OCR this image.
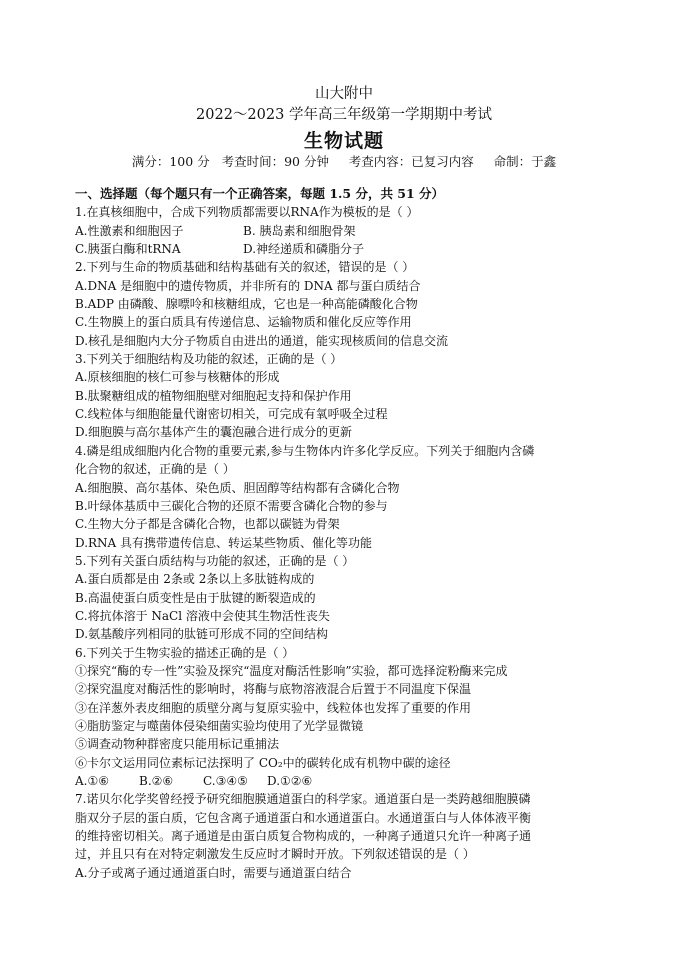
山大附中
2022～2023 学年高三年级第一学期期中考试
生物试题
满分：100 分   考查时间：90 分钟     考查内容：已复习内容     命制：于鑫
一、选择题（每个题只有一个正确答案，每题 1.5 分，共 51 分）
1.在真核细胞中，合成下列物质都需要以RNA作为模板的是（ ）
A.性激素和细胞因子	B. 胰岛素和细胞骨架
C.胰蛋白酶和tRNA	D.神经递质和磷脂分子
2.下列与生命的物质基础和结构基础有关的叙述，错误的是（ ）
A.DNA 是细胞中的遗传物质，并非所有的 DNA 都与蛋白质结合
B.ADP 由磷酸、腺嘌呤和核糖组成，它也是一种高能磷酸化合物
C.生物膜上的蛋白质具有传递信息、运输物质和催化反应等作用
D.核孔是细胞内大分子物质自由进出的通道，能实现核质间的信息交流
3.下列关于细胞结构及功能的叙述，正确的是（ ）
A.原核细胞的核仁可参与核糖体的形成
B.肽聚糖组成的植物细胞壁对细胞起支持和保护作用
C.线粒体与细胞能量代谢密切相关，可完成有氧呼吸全过程
D.细胞膜与高尔基体产生的囊泡融合进行成分的更新
4.磷是组成细胞内化合物的重要元素,参与生物体内许多化学反应。下列关于细胞内含磷
化合物的叙述，正确的是（ ）
A.细胞膜、高尔基体、染色质、胆固醇等结构都有含磷化合物
B.叶绿体基质中三碳化合物的还原不需要含磷化合物的参与
C.生物大分子都是含磷化合物，也都以碳链为骨架
D.RNA 具有携带遗传信息、转运某些物质、催化等功能
5.下列有关蛋白质结构与功能的叙述，正确的是（ ）
A.蛋白质都是由 2条或 2条以上多肽链构成的
B.高温使蛋白质变性是由于肽键的断裂造成的
C.将抗体溶于 NaCl 溶液中会使其生物活性丧失
D.氨基酸序列相同的肽链可形成不同的空间结构
6.下列关于生物实验的描述正确的是（ ）
①探究“酶的专一性”实验及探究“温度对酶活性影响”实验，都可选择淀粉酶来完成
②探究温度对酶活性的影响时，将酶与底物溶液混合后置于不同温度下保温
③在洋葱外表皮细胞的质壁分离与复原实验中，线粒体也发挥了重要的作用
④脂肪鉴定与噬菌体侵染细菌实验均使用了光学显微镜
⑤调查动物种群密度只能用标记重捕法
⑥卡尔文运用同位素标记法探明了 CO₂中的碳转化成有机物中碳的途径
A.①⑥	B.②⑥ C.③④⑤ D.①②⑥
7.诺贝尔化学奖曾经授予研究细胞膜通道蛋白的科学家。通道蛋白是一类跨越细胞膜磷
脂双分子层的蛋白质，它包含离子通道蛋白和水通道蛋白。水通道蛋白与人体体液平衡
的维持密切相关。离子通道是由蛋白质复合物构成的，一种离子通道只允许一种离子通
过，并且只有在对特定刺激发生反应时才瞬时开放。下列叙述错误的是（ ）
A.分子或离子通过通道蛋白时，需要与通道蛋白结合
